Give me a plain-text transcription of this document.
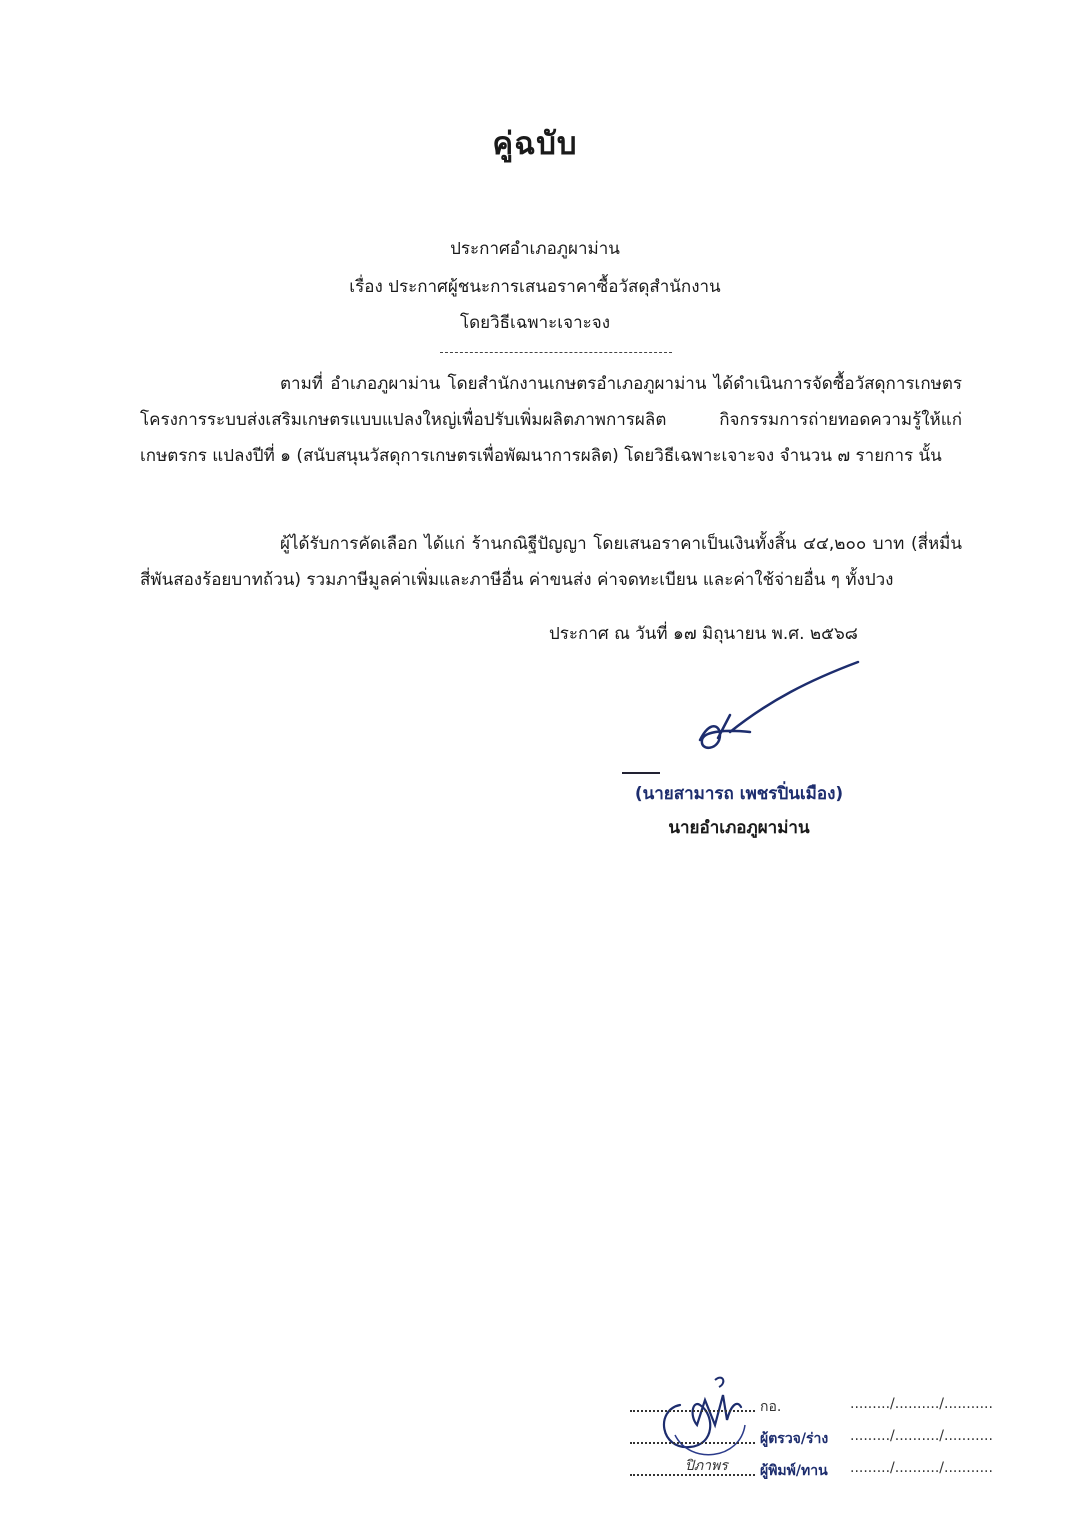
คู่ฉบับ
ประกาศอำเภอภูผาม่าน
เรื่อง ประกาศผู้ชนะการเสนอราคาซื้อวัสดุสำนักงาน
โดยวิธีเฉพาะเจาะจง
ตามที่ อำเภอภูผาม่าน โดยสำนักงานเกษตรอำเภอภูผาม่าน ได้ดำเนินการจัดซื้อวัสดุการเกษตร โครงการระบบส่งเสริมเกษตรแบบแปลงใหญ่เพื่อปรับเพิ่มผลิตภาพการผลิต กิจกรรมการถ่ายทอดความรู้ให้แก่เกษตรกร แปลงปีที่ ๑ (สนับสนุนวัสดุการเกษตรเพื่อพัฒนาการผลิต) โดยวิธีเฉพาะเจาะจง จำนวน ๗ รายการ นั้น
ผู้ได้รับการคัดเลือก ได้แก่ ร้านกณิฐีปัญญา โดยเสนอราคาเป็นเงินทั้งสิ้น ๔๔,๒๐๐ บาท (สี่หมื่นสี่พันสองร้อยบาทถ้วน) รวมภาษีมูลค่าเพิ่มและภาษีอื่น ค่าขนส่ง ค่าจดทะเบียน และค่าใช้จ่ายอื่น ๆ ทั้งปวง
ประกาศ ณ วันที่ ๑๗ มิถุนายน พ.ศ. ๒๕๖๘
(นายสามารถ เพชรปิ่นเมือง)
นายอำเภอภูผาม่าน
ปิภาพร
กอ.	........./........../...........
ผู้ตรวจ/ร่าง ........./........../...........
ผู้พิมพ์/ทาน ........./........../...........
